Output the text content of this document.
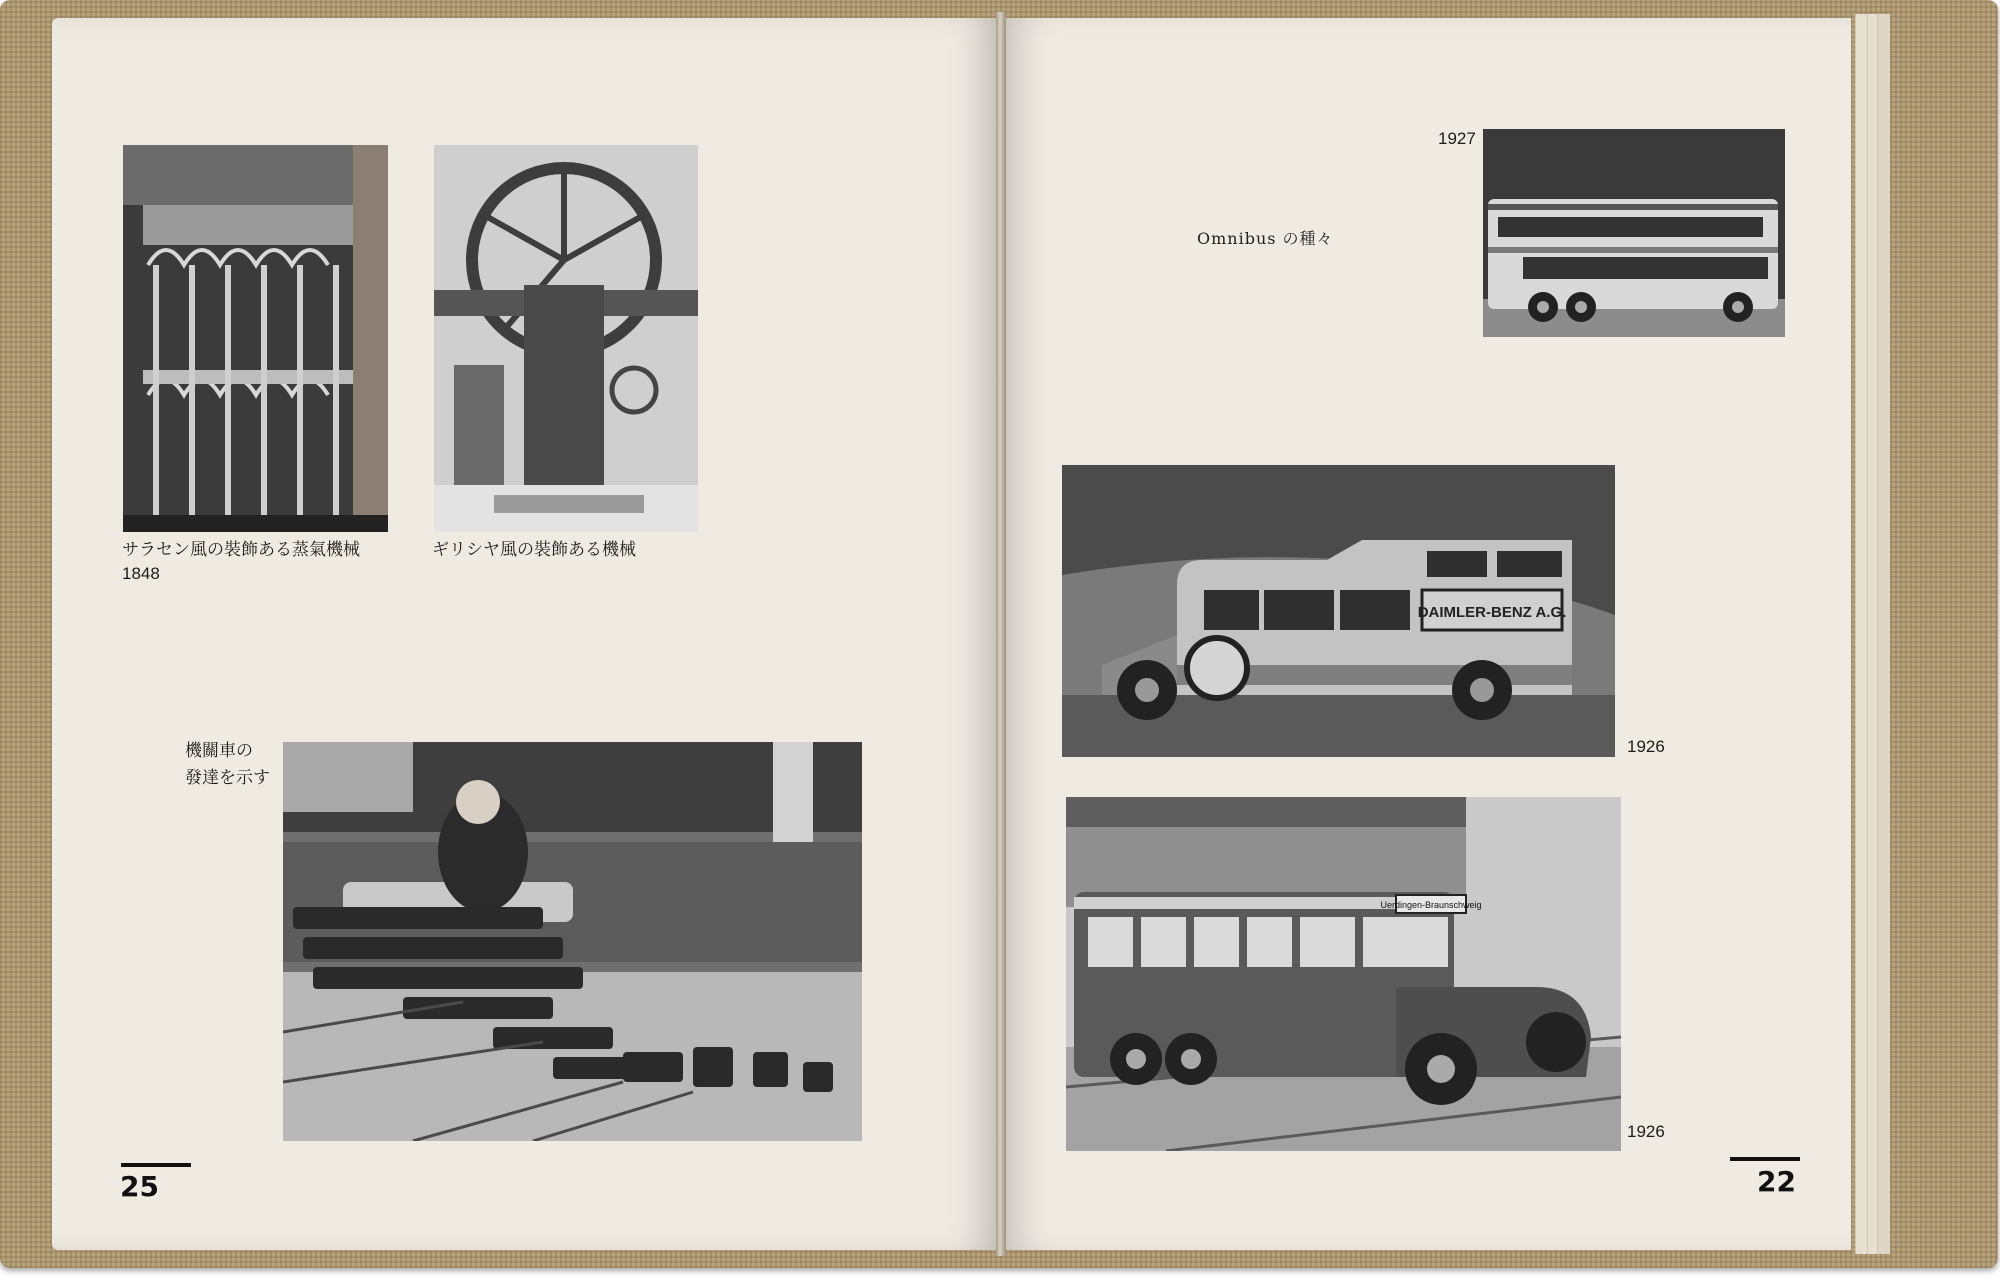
サラセン風の裝飾ある蒸氣機械
1848
ギリシヤ風の裝飾ある機械
機關車の
發達を示す
25
Omnibus の種々
1927
DAIMLER-BENZ A.G.
1926
Uerdingen-Braunschweig
1926
22
